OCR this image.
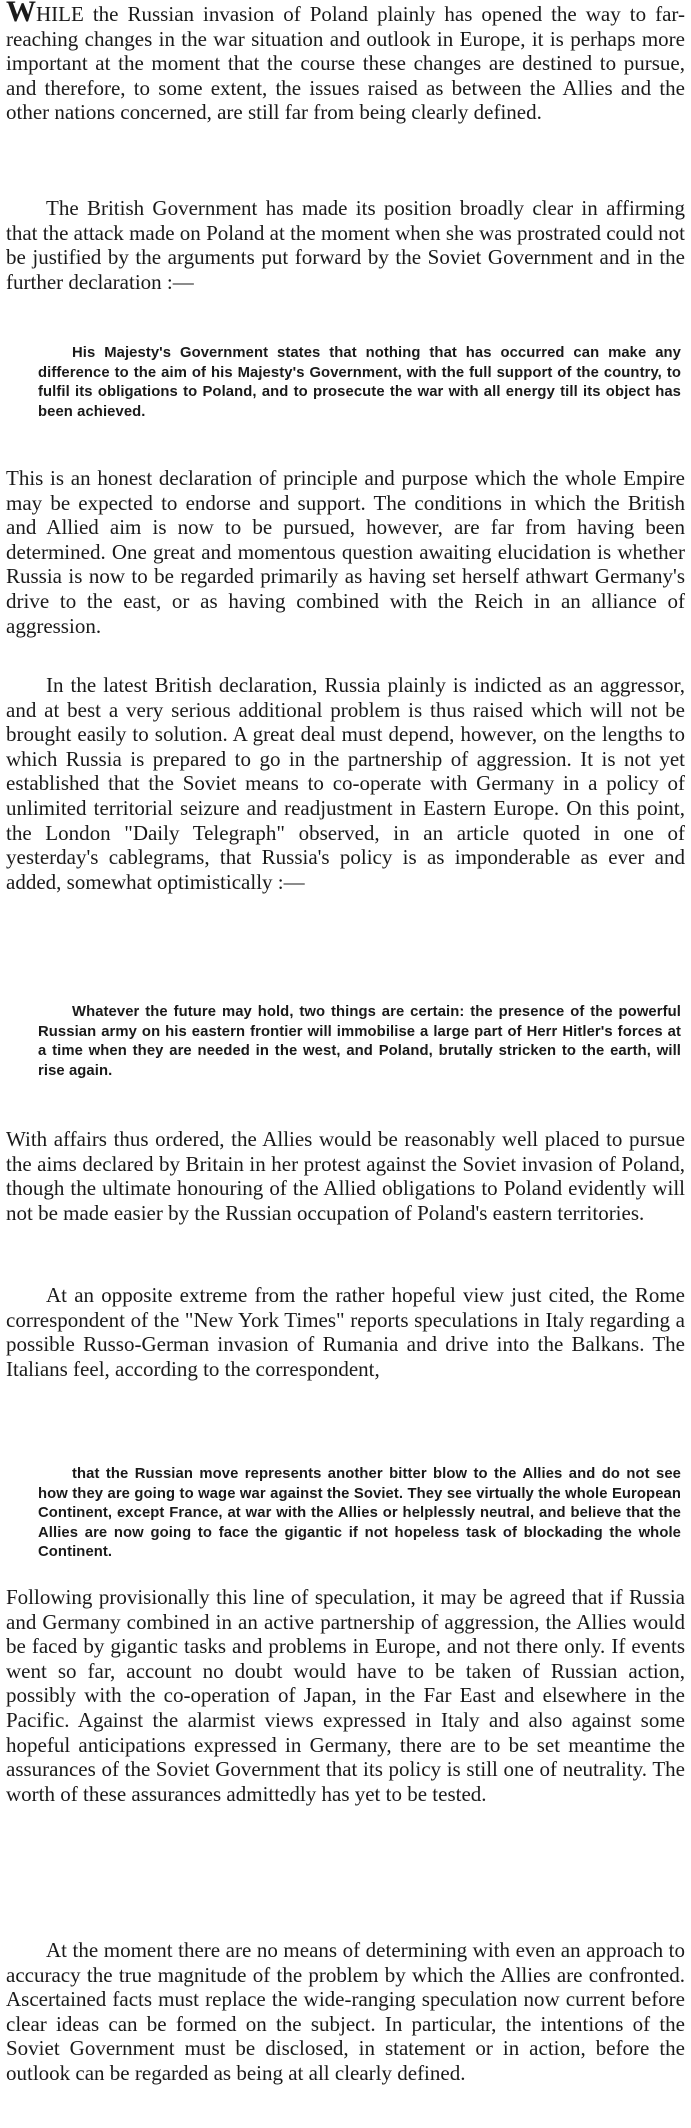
WHILE the Russian invasion of Poland plainly has opened the way to far-reaching changes in the war situation and outlook in Europe, it is perhaps more important at the moment that the course these changes are destined to pursue, and therefore, to some extent, the issues raised as between the Allies and the other nations concerned, are still far from being clearly defined.

The British Government has made its position broadly clear in affirming that the attack made on Poland at the moment when she was prostrated could not be justified by the arguments put forward by the Soviet Government and in the further declaration :—

His Majesty's Government states that nothing that has occurred can make any difference to the aim of his Majesty's Government, with the full support of the country, to fulfil its obligations to Poland, and to prosecute the war with all energy till its object has been achieved.

This is an honest declaration of principle and purpose which the whole Empire may be expected to endorse and support. The conditions in which the British and Allied aim is now to be pursued, however, are far from having been determined. One great and momentous question awaiting elucidation is whether Russia is now to be regarded primarily as having set herself athwart Germany's drive to the east, or as having combined with the Reich in an alliance of aggression.

In the latest British declaration, Russia plainly is indicted as an aggressor, and at best a very serious additional problem is thus raised which will not be brought easily to solution. A great deal must depend, however, on the lengths to which Russia is prepared to go in the partnership of aggression. It is not yet established that the Soviet means to co-operate with Germany in a policy of unlimited territorial seizure and readjustment in Eastern Europe. On this point, the London "Daily Telegraph" observed, in an article quoted in one of yesterday's cablegrams, that Russia's policy is as imponderable as ever and added, somewhat optimistically :—

Whatever the future may hold, two things are certain: the presence of the powerful Russian army on his eastern frontier will immobilise a large part of Herr Hitler's forces at a time when they are needed in the west, and Poland, brutally stricken to the earth, will rise again.

With affairs thus ordered, the Allies would be reasonably well placed to pursue the aims declared by Britain in her protest against the Soviet invasion of Poland, though the ultimate honouring of the Allied obligations to Poland evidently will not be made easier by the Russian occupation of Poland's eastern territories.

At an opposite extreme from the rather hopeful view just cited, the Rome correspondent of the "New York Times" reports speculations in Italy regarding a possible Russo-German invasion of Rumania and drive into the Balkans. The Italians feel, according to the correspondent,

that the Russian move represents another bitter blow to the Allies and do not see how they are going to wage war against the Soviet. They see virtually the whole European Continent, except France, at war with the Allies or helplessly neutral, and believe that the Allies are now going to face the gigantic if not hopeless task of blockading the whole Continent.

Following provisionally this line of speculation, it may be agreed that if Russia and Germany combined in an active partnership of aggression, the Allies would be faced by gigantic tasks and problems in Europe, and not there only. If events went so far, account no doubt would have to be taken of Russian action, possibly with the co-operation of Japan, in the Far East and elsewhere in the Pacific. Against the alarmist views expressed in Italy and also against some hopeful anticipations expressed in Germany, there are to be set meantime the assurances of the Soviet Government that its policy is still one of neutrality. The worth of these assurances admittedly has yet to be tested.

At the moment there are no means of determining with even an approach to accuracy the true magnitude of the problem by which the Allies are confronted. Ascertained facts must replace the wide-ranging speculation now current before clear ideas can be formed on the subject. In particular, the intentions of the Soviet Government must be disclosed, in statement or in action, before the outlook can be regarded as being at all clearly defined.
